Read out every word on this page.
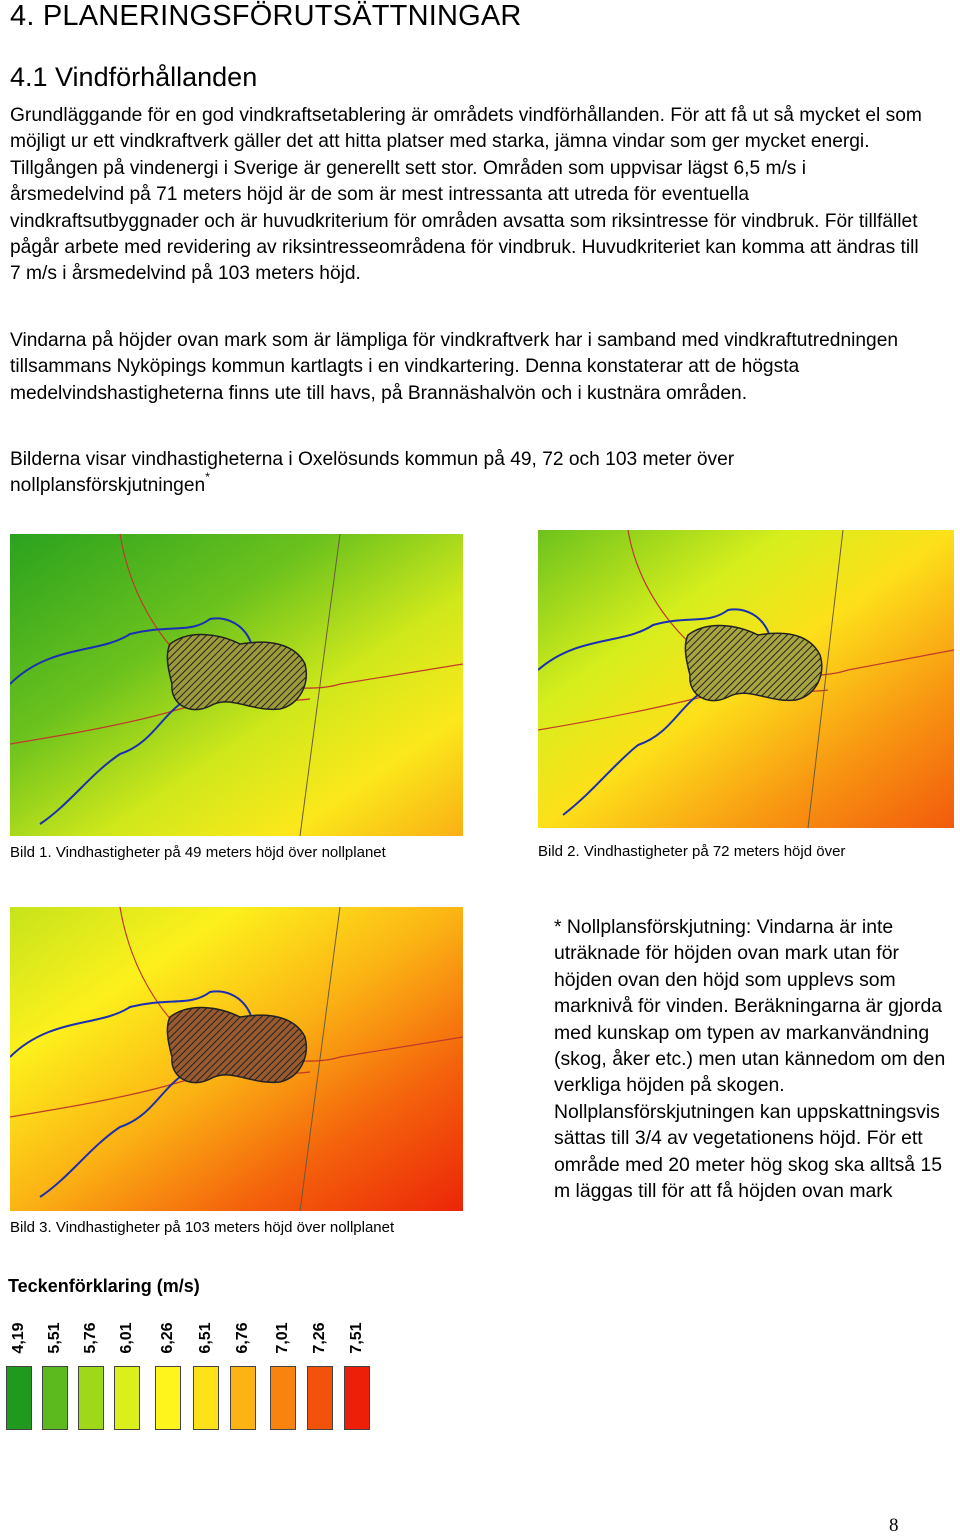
4. PLANERINGSFÖRUTSÄTTNINGAR
4.1 Vindförhållanden

Grundläggande för en god vindkraftsetablering är områdets vindförhållanden. För att få ut så mycket el som möjligt ur ett vindkraftverk gäller det att hitta platser med starka, jämna vindar som ger mycket energi. Tillgången på vindenergi i Sverige är generellt sett stor. Områden som uppvisar lägst 6,5 m/s i årsmedelvind på 71 meters höjd är de som är mest intressanta att utreda för eventuella vindkraftsutbyggnader och är huvudkriterium för områden avsatta som riksintresse för vindbruk. För tillfället pågår arbete med revidering av riksintresseområdena för vindbruk. Huvudkriteriet kan komma att ändras till 7 m/s i årsmedelvind på 103 meters höjd.

Vindarna på höjder ovan mark som är lämpliga för vindkraftverk har i samband med vindkraftutredningen tillsammans Nyköpings kommun kartlagts i en vindkartering. Denna konstaterar att de högsta medelvindshastigheterna finns ute till havs, på Brannäshalvön och i kustnära områden.

Bilderna visar vindhastigheterna i Oxelösunds kommun på 49, 72 och 103 meter över nollplansförskjutningen*

Bild 1. Vindhastigheter på 49 meters höjd över nollplanet	Bild 2. Vindhastigheter på 72 meters höjd över
Bild 3. Vindhastigheter på 103 meters höjd över nollplanet

* Nollplansförskjutning: Vindarna är inte uträknade för höjden ovan mark utan för höjden ovan den höjd som upplevs som marknivå för vinden. Beräkningarna är gjorda med kunskap om typen av markanvändning (skog, åker etc.) men utan kännedom om den verkliga höjden på skogen. Nollplansförskjutningen kan uppskattningsvis sättas till 3/4 av vegetationens höjd. För ett område med 20 meter hög skog ska alltså 15 m läggas till för att få höjden ovan mark

Teckenförklaring (m/s)
4,19 5,51 5,76 6,01 6,26 6,51 6,76 7,01 7,26 7,51
8
